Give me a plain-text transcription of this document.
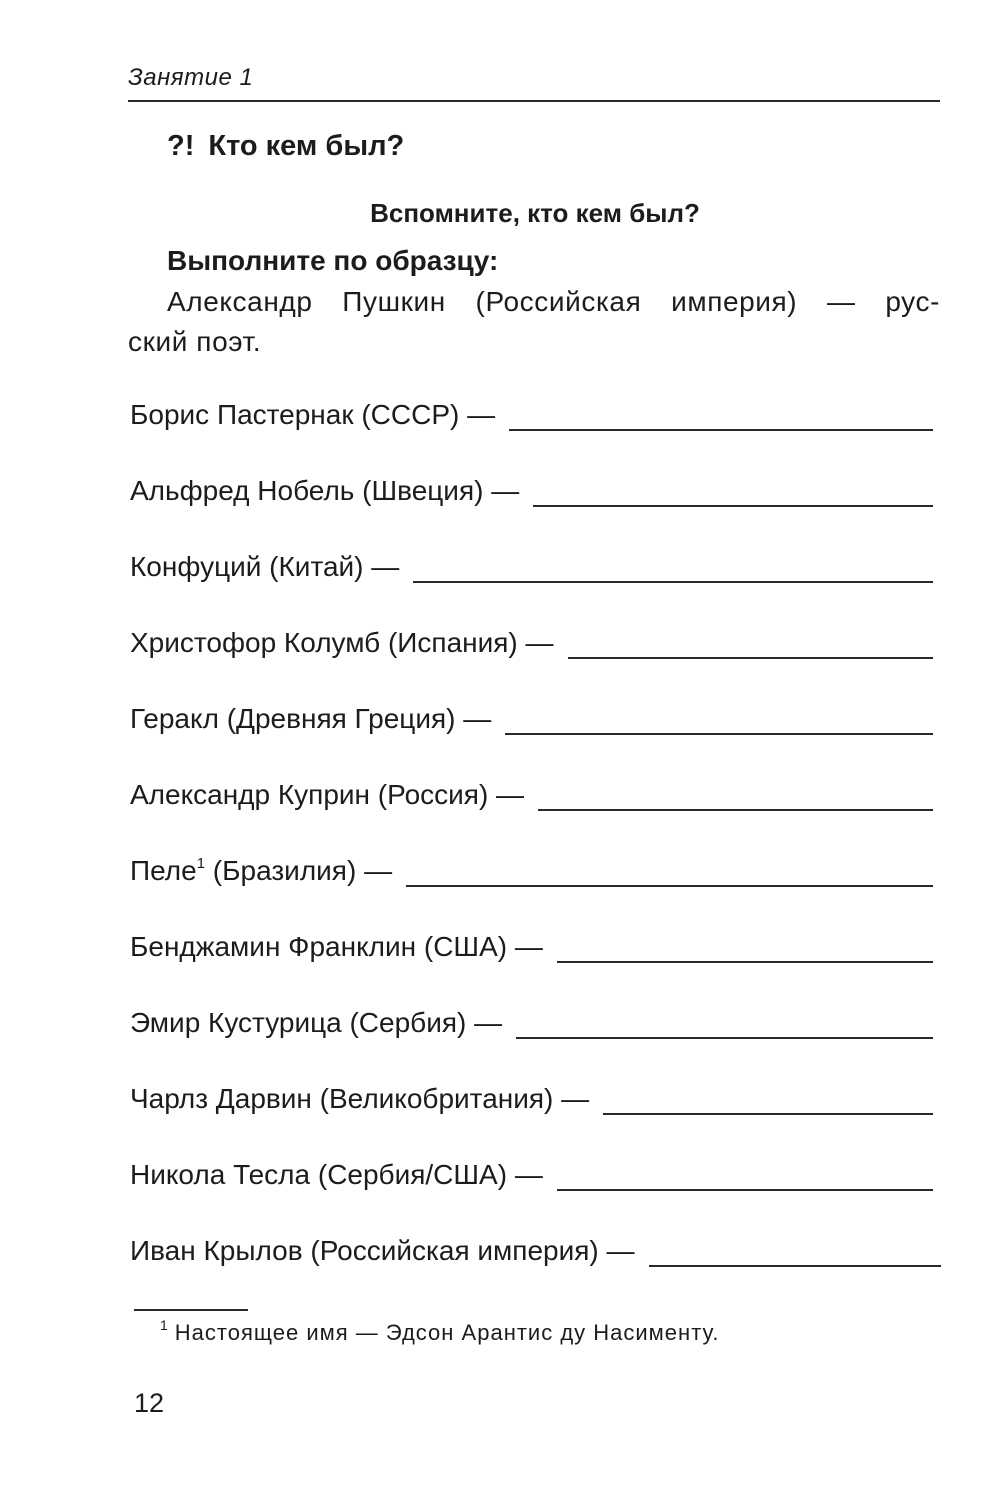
Занятие 1
?! Кто кем был?
Вспомните, кто кем был?
Выполните по образцу:
Александр Пушкин (Российская империя) — рус-
ский поэт.
Борис Пастернак (СССР) —
Альфред Нобель (Швеция) —
Конфуций (Китай) —
Христофор Колумб (Испания) —
Геракл (Древняя Греция) —
Александр Куприн (Россия) —
Пеле$^1$ (Бразилия) —
Бенджамин Франклин (США) —
Эмир Кустурица (Сербия) —
Чарлз Дарвин (Великобритания) —
Никола Тесла (Сербия/США) —
Иван Крылов (Российская империя) —
$^1$ Настоящее имя — Эдсон Арантис ду Насименту.
12
